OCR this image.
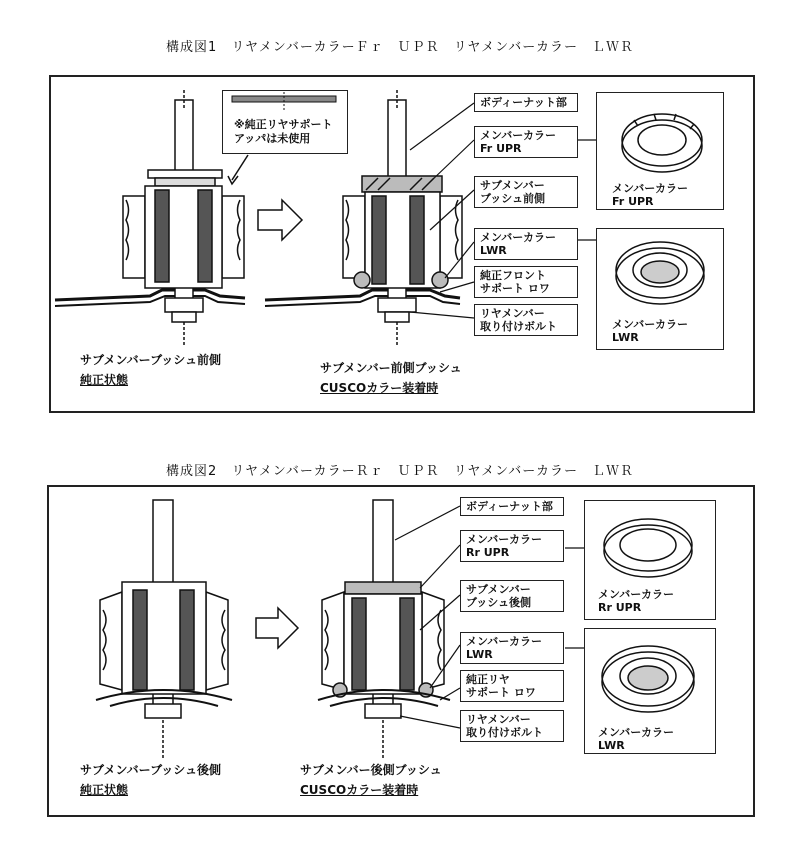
構成図1　リヤメンバーカラーＦｒ　ＵＰＲ　リヤメンバーカラー　ＬＷＲ
※純正リヤサポート
アッパは未使用
ボディーナット部
メンバーカラー
Fr UPR
サブメンバー
ブッシュ前側
メンバーカラー
LWR
純正フロント
サポート ロワ
リヤメンバー
取り付けボルト
メンバーカラー
Fr UPR
メンバーカラー
LWR
サブメンバーブッシュ前側
純正状態
サブメンバー前側ブッシュ
CUSCOカラー装着時
構成図2　リヤメンバーカラーＲｒ　ＵＰＲ　リヤメンバーカラー　ＬＷＲ
ボディーナット部
メンバーカラー
Rr UPR
サブメンバー
ブッシュ後側
メンバーカラー
LWR
純正リヤ
サポート ロワ
リヤメンバー
取り付けボルト
メンバーカラー
Rr UPR
メンバーカラー
LWR
サブメンバーブッシュ後側
純正状態
サブメンバー後側ブッシュ
CUSCOカラー装着時
